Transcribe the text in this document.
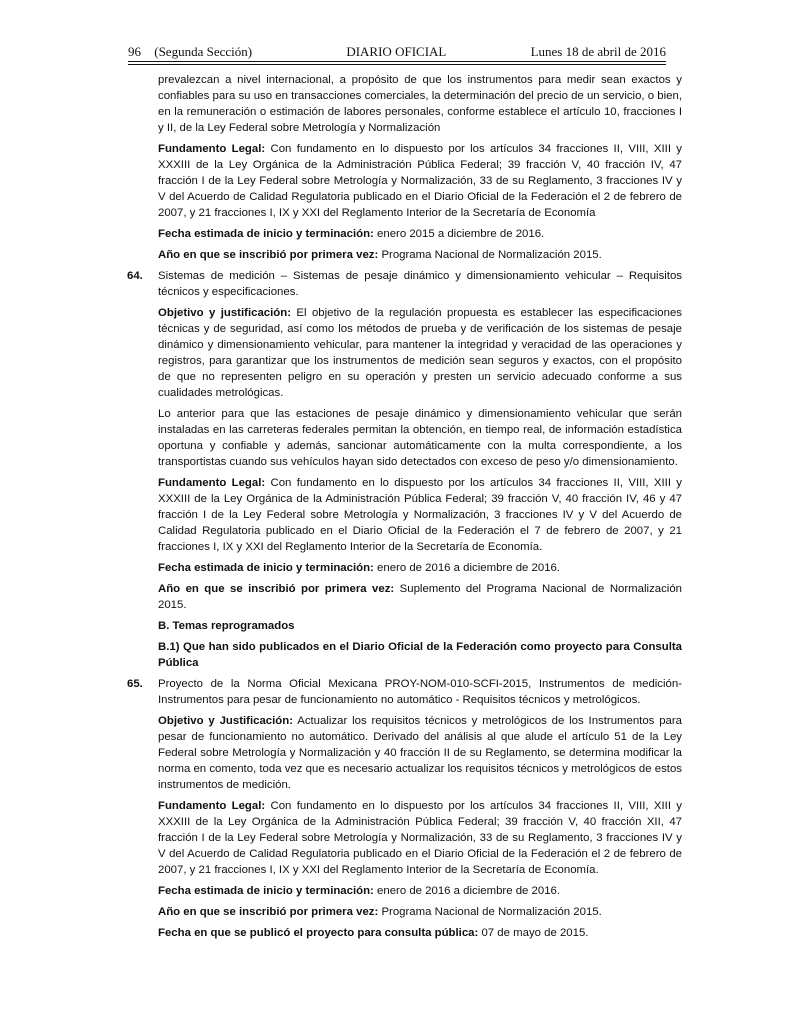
96 (Segunda Sección)	DIARIO OFICIAL	Lunes 18 de abril de 2016

prevalezcan a nivel internacional, a propósito de que los instrumentos para medir sean exactos y confiables para su uso en transacciones comerciales, la determinación del precio de un servicio, o bien, en la remuneración o estimación de labores personales, conforme establece el artículo 10, fracciones I y II, de la Ley Federal sobre Metrología y Normalización

Fundamento Legal: Con fundamento en lo dispuesto por los artículos 34 fracciones II, VIII, XIII y XXXIII de la Ley Orgánica de la Administración Pública Federal; 39 fracción V, 40 fracción IV, 47 fracción I de la Ley Federal sobre Metrología y Normalización, 33 de su Reglamento, 3 fracciones IV y V del Acuerdo de Calidad Regulatoria publicado en el Diario Oficial de la Federación el 2 de febrero de 2007, y 21 fracciones I, IX y XXI del Reglamento Interior de la Secretaría de Economía

Fecha estimada de inicio y terminación: enero 2015 a diciembre de 2016.

Año en que se inscribió por primera vez: Programa Nacional de Normalización 2015.

64. Sistemas de medición – Sistemas de pesaje dinámico y dimensionamiento vehicular – Requisitos técnicos y especificaciones.

Objetivo y justificación: El objetivo de la regulación propuesta es establecer las especificaciones técnicas y de seguridad, así como los métodos de prueba y de verificación de los sistemas de pesaje dinámico y dimensionamiento vehicular, para mantener la integridad y veracidad de las operaciones y registros, para garantizar que los instrumentos de medición sean seguros y exactos, con el propósito de que no representen peligro en su operación y presten un servicio adecuado conforme a sus cualidades metrológicas.

Lo anterior para que las estaciones de pesaje dinámico y dimensionamiento vehicular que serán instaladas en las carreteras federales permitan la obtención, en tiempo real, de información estadística oportuna y confiable y además, sancionar automáticamente con la multa correspondiente, a los transportistas cuando sus vehículos hayan sido detectados con exceso de peso y/o dimensionamiento.

Fundamento Legal: Con fundamento en lo dispuesto por los artículos 34 fracciones II, VIII, XIII y XXXIII de la Ley Orgánica de la Administración Pública Federal; 39 fracción V, 40 fracción IV, 46 y 47 fracción I de la Ley Federal sobre Metrología y Normalización, 3 fracciones IV y V del Acuerdo de Calidad Regulatoria publicado en el Diario Oficial de la Federación el 7 de febrero de 2007, y 21 fracciones I, IX y XXI del Reglamento Interior de la Secretaría de Economía.

Fecha estimada de inicio y terminación: enero de 2016 a diciembre de 2016.

Año en que se inscribió por primera vez: Suplemento del Programa Nacional de Normalización 2015.

B. Temas reprogramados

B.1) Que han sido publicados en el Diario Oficial de la Federación como proyecto para Consulta Pública

65. Proyecto de la Norma Oficial Mexicana PROY-NOM-010-SCFI-2015, Instrumentos de medición-Instrumentos para pesar de funcionamiento no automático - Requisitos técnicos y metrológicos.

Objetivo y Justificación: Actualizar los requisitos técnicos y metrológicos de los Instrumentos para pesar de funcionamiento no automático. Derivado del análisis al que alude el artículo 51 de la Ley Federal sobre Metrología y Normalización y 40 fracción II de su Reglamento, se determina modificar la norma en comento, toda vez que es necesario actualizar los requisitos técnicos y metrológicos de estos instrumentos de medición.

Fundamento Legal: Con fundamento en lo dispuesto por los artículos 34 fracciones II, VIII, XIII y XXXIII de la Ley Orgánica de la Administración Pública Federal; 39 fracción V, 40 fracción XII, 47 fracción I de la Ley Federal sobre Metrología y Normalización, 33 de su Reglamento, 3 fracciones IV y V del Acuerdo de Calidad Regulatoria publicado en el Diario Oficial de la Federación el 2 de febrero de 2007, y 21 fracciones I, IX y XXI del Reglamento Interior de la Secretaría de Economía.

Fecha estimada de inicio y terminación: enero de 2016 a diciembre de 2016.

Año en que se inscribió por primera vez: Programa Nacional de Normalización 2015.

Fecha en que se publicó el proyecto para consulta pública: 07 de mayo de 2015.
